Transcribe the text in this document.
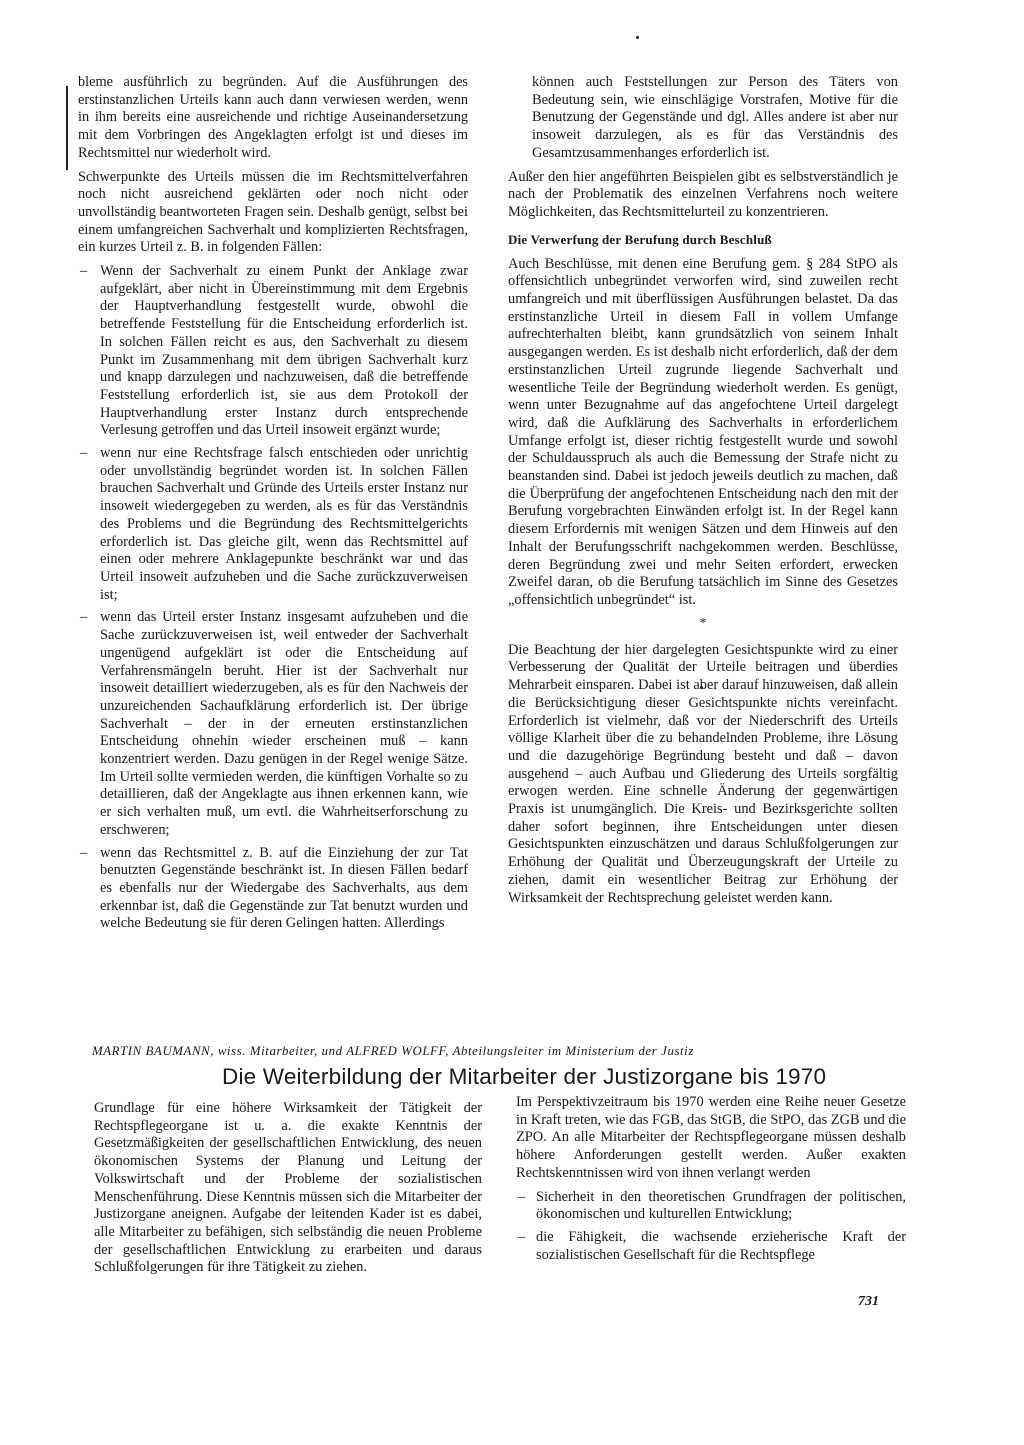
bleme ausführlich zu begründen. Auf die Ausführungen des erstinstanzlichen Urteils kann auch dann verwiesen werden, wenn in ihm bereits eine ausreichende und richtige Auseinandersetzung mit dem Vorbringen des Angeklagten erfolgt ist und dieses im Rechtsmittel nur wiederholt wird.

Schwerpunkte des Urteils müssen die im Rechtsmittelverfahren noch nicht ausreichend geklärten oder noch nicht oder unvollständig beantworteten Fragen sein. Deshalb genügt, selbst bei einem umfangreichen Sachverhalt und komplizierten Rechtsfragen, ein kurzes Urteil z. B. in folgenden Fällen:

– Wenn der Sachverhalt zu einem Punkt der Anklage zwar aufgeklärt, aber nicht in Übereinstimmung mit dem Ergebnis der Hauptverhandlung festgestellt wurde, obwohl die betreffende Feststellung für die Entscheidung erforderlich ist. In solchen Fällen reicht es aus, den Sachverhalt zu diesem Punkt im Zusammenhang mit dem übrigen Sachverhalt kurz und knapp darzulegen und nachzuweisen, daß die betreffende Feststellung erforderlich ist, sie aus dem Protokoll der Hauptverhandlung erster Instanz durch entsprechende Verlesung getroffen und das Urteil insoweit ergänzt wurde;
– wenn nur eine Rechtsfrage falsch entschieden oder unrichtig oder unvollständig begründet worden ist. In solchen Fällen brauchen Sachverhalt und Gründe des Urteils erster Instanz nur insoweit wiedergegeben zu werden, als es für das Verständnis des Problems und die Begründung des Rechtsmittelgerichts erforderlich ist. Das gleiche gilt, wenn das Rechtsmittel auf einen oder mehrere Anklagepunkte beschränkt war und das Urteil insoweit aufzuheben und die Sache zurückzuverweisen ist;
– wenn das Urteil erster Instanz insgesamt aufzuheben und die Sache zurückzuverweisen ist, weil entweder der Sachverhalt ungenügend aufgeklärt ist oder die Entscheidung auf Verfahrensmängeln beruht. Hier ist der Sachverhalt nur insoweit detailliert wiederzugeben, als es für den Nachweis der unzureichenden Sachaufklärung erforderlich ist. Der übrige Sachverhalt – der in der erneuten erstinstanzlichen Entscheidung ohnehin wieder erscheinen muß – kann konzentriert werden. Dazu genügen in der Regel wenige Sätze. Im Urteil sollte vermieden werden, die künftigen Vorhalte so zu detaillieren, daß der Angeklagte aus ihnen erkennen kann, wie er sich verhalten muß, um evtl. die Wahrheitserforschung zu erschweren;
– wenn das Rechtsmittel z. B. auf die Einziehung der zur Tat benutzten Gegenstände beschränkt ist. In diesen Fällen bedarf es ebenfalls nur der Wiedergabe des Sachverhalts, aus dem erkennbar ist, daß die Gegenstände zur Tat benutzt wurden und welche Bedeutung sie für deren Gelingen hatten. Allerdings

können auch Feststellungen zur Person des Täters von Bedeutung sein, wie einschlägige Vorstrafen, Motive für die Benutzung der Gegenstände und dgl. Alles andere ist aber nur insoweit darzulegen, als es für das Verständnis des Gesamtzusammenhanges erforderlich ist.

Außer den hier angeführten Beispielen gibt es selbstverständlich je nach der Problematik des einzelnen Verfahrens noch weitere Möglichkeiten, das Rechtsmittelurteil zu konzentrieren.

Die Verwerfung der Berufung durch Beschluß

Auch Beschlüsse, mit denen eine Berufung gem. § 284 StPO als offensichtlich unbegründet verworfen wird, sind zuweilen recht umfangreich und mit überflüssigen Ausführungen belastet. Da das erstinstanzliche Urteil in diesem Fall in vollem Umfange aufrechterhalten bleibt, kann grundsätzlich von seinem Inhalt ausgegangen werden. Es ist deshalb nicht erforderlich, daß der dem erstinstanzlichen Urteil zugrunde liegende Sachverhalt und wesentliche Teile der Begründung wiederholt werden. Es genügt, wenn unter Bezugnahme auf das angefochtene Urteil dargelegt wird, daß die Aufklärung des Sachverhalts in erforderlichem Umfange erfolgt ist, dieser richtig festgestellt wurde und sowohl der Schuldausspruch als auch die Bemessung der Strafe nicht zu beanstanden sind. Dabei ist jedoch jeweils deutlich zu machen, daß die Überprüfung der angefochtenen Entscheidung nach den mit der Berufung vorgebrachten Einwänden erfolgt ist. In der Regel kann diesem Erfordernis mit wenigen Sätzen und dem Hinweis auf den Inhalt der Berufungsschrift nachgekommen werden. Beschlüsse, deren Begründung zwei und mehr Seiten erfordert, erwecken Zweifel daran, ob die Berufung tatsächlich im Sinne des Gesetzes „offensichtlich unbegründet“ ist.

*

Die Beachtung der hier dargelegten Gesichtspunkte wird zu einer Verbesserung der Qualität der Urteile beitragen und überdies Mehrarbeit einsparen. Dabei ist aber darauf hinzuweisen, daß allein die Berücksichtigung dieser Gesichtspunkte nichts vereinfacht. Erforderlich ist vielmehr, daß vor der Niederschrift des Urteils völlige Klarheit über die zu behandelnden Probleme, ihre Lösung und die dazugehörige Begründung besteht und daß – davon ausgehend – auch Aufbau und Gliederung des Urteils sorgfältig erwogen werden. Eine schnelle Änderung der gegenwärtigen Praxis ist unumgänglich. Die Kreis- und Bezirksgerichte sollten daher sofort beginnen, ihre Entscheidungen unter diesen Gesichtspunkten einzuschätzen und daraus Schlußfolgerungen zur Erhöhung der Qualität und Überzeugungskraft der Urteile zu ziehen, damit ein wesentlicher Beitrag zur Erhöhung der Wirksamkeit der Rechtsprechung geleistet werden kann.

MARTIN BAUMANN, wiss. Mitarbeiter, und ALFRED WOLFF, Abteilungsleiter im Ministerium der Justiz
Die Weiterbildung der Mitarbeiter der Justizorgane bis 1970

Grundlage für eine höhere Wirksamkeit der Tätigkeit der Rechtspflegeorgane ist u. a. die exakte Kenntnis der Gesetzmäßigkeiten der gesellschaftlichen Entwicklung, des neuen ökonomischen Systems der Planung und Leitung der Volkswirtschaft und der Probleme der sozialistischen Menschenführung. Diese Kenntnis müssen sich die Mitarbeiter der Justizorgane aneignen. Aufgabe der leitenden Kader ist es dabei, alle Mitarbeiter zu befähigen, sich selbständig die neuen Probleme der gesellschaftlichen Entwicklung zu erarbeiten und daraus Schlußfolgerungen für ihre Tätigkeit zu ziehen.

Im Perspektivzeitraum bis 1970 werden eine Reihe neuer Gesetze in Kraft treten, wie das FGB, das StGB, die StPO, das ZGB und die ZPO. An alle Mitarbeiter der Rechtspflegeorgane müssen deshalb höhere Anforderungen gestellt werden. Außer exakten Rechtskenntnissen wird von ihnen verlangt werden

– Sicherheit in den theoretischen Grundfragen der politischen, ökonomischen und kulturellen Entwicklung;
– die Fähigkeit, die wachsende erzieherische Kraft der sozialistischen Gesellschaft für die Rechtspflege
731
